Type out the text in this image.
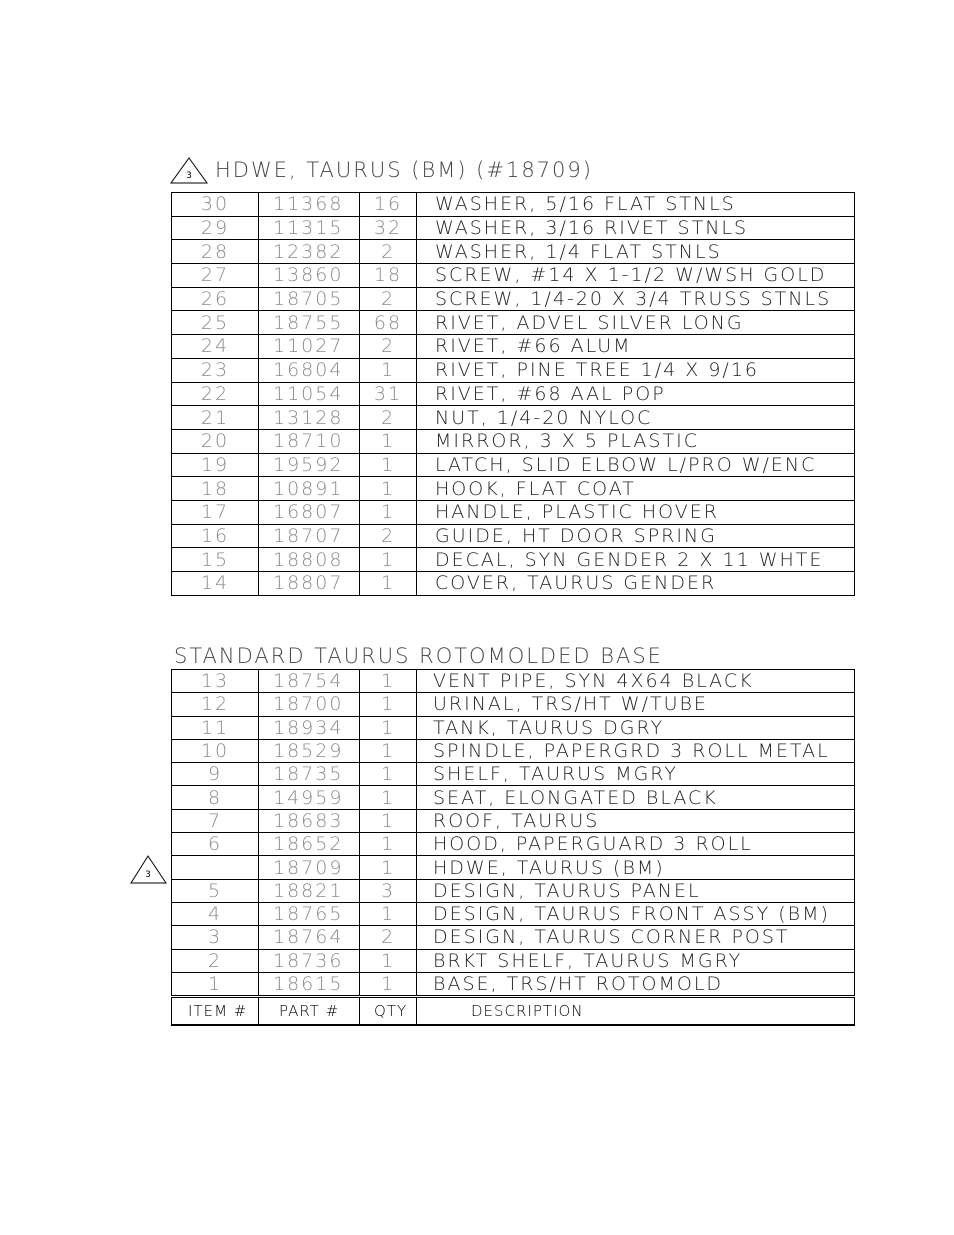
3 HDWE, TAURUS (BM) (#18709)
30	11368	16	WASHER, 5/16 FLAT STNLS
29	11315	32	WASHER, 3/16 RIVET STNLS
28	12382	2	WASHER, 1/4 FLAT STNLS
27	13860	18	SCREW, #14 X 1-1/2 W/WSH GOLD
26	18705	2	SCREW, 1/4-20 X 3/4 TRUSS STNLS
25	18755	68	RIVET, ADVEL SILVER LONG
24	11027	2	RIVET, #66 ALUM
23	16804	1	RIVET, PINE TREE 1/4 X 9/16
22	11054	31	RIVET, #68 AAL POP
21	13128	2	NUT, 1/4-20 NYLOC
20	18710	1	MIRROR, 3 X 5 PLASTIC
19	19592	1	LATCH, SLID ELBOW L/PRO W/ENC
18	10891	1	HOOK, FLAT COAT
17	16807	1	HANDLE, PLASTIC HOVER
16	18707	2	GUIDE, HT DOOR SPRING
15	18808	1	DECAL, SYN GENDER 2 X 11 WHTE
14	18807	1	COVER, TAURUS GENDER
STANDARD TAURUS ROTOMOLDED BASE
3
13	18754	1	VENT PIPE, SYN 4X64 BLACK
12	18700	1	URINAL, TRS/HT W/TUBE
11	18934	1	TANK, TAURUS DGRY
10	18529	1	SPINDLE, PAPERGRD 3 ROLL METAL
9	18735	1	SHELF, TAURUS MGRY
8	14959	1	SEAT, ELONGATED BLACK
7	18683	1	ROOF, TAURUS
6	18652	1	HOOD, PAPERGUARD 3 ROLL
	18709	1	HDWE, TAURUS (BM)
5	18821	3	DESIGN, TAURUS PANEL
4	18765	1	DESIGN, TAURUS FRONT ASSY (BM)
3	18764	2	DESIGN, TAURUS CORNER POST
2	18736	1	BRKT SHELF, TAURUS MGRY
1	18615	1	BASE, TRS/HT ROTOMOLD
ITEM #	PART #	QTY	DESCRIPTION
